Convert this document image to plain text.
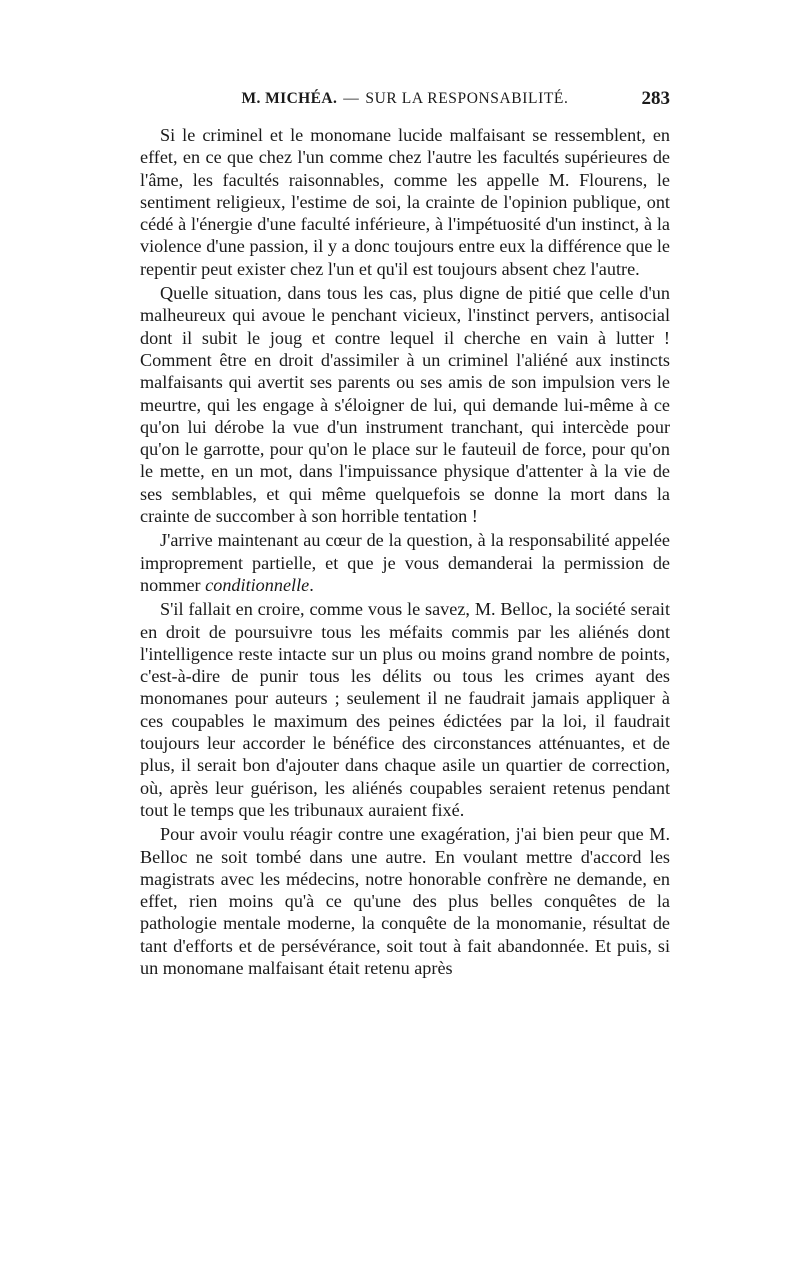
M. MICHÉA. — SUR LA RESPONSABILITÉ.	283

Si le criminel et le monomane lucide malfaisant se ressemblent, en effet, en ce que chez l'un comme chez l'autre les facultés supérieures de l'âme, les facultés raisonnables, comme les appelle M. Flourens, le sentiment religieux, l'estime de soi, la crainte de l'opinion publique, ont cédé à l'énergie d'une faculté inférieure, à l'impétuosité d'un instinct, à la violence d'une passion, il y a donc toujours entre eux la différence que le repentir peut exister chez l'un et qu'il est toujours absent chez l'autre.

Quelle situation, dans tous les cas, plus digne de pitié que celle d'un malheureux qui avoue le penchant vicieux, l'instinct pervers, antisocial dont il subit le joug et contre lequel il cherche en vain à lutter ! Comment être en droit d'assimiler à un criminel l'aliéné aux instincts malfaisants qui avertit ses parents ou ses amis de son impulsion vers le meurtre, qui les engage à s'éloigner de lui, qui demande lui-même à ce qu'on lui dérobe la vue d'un instrument tranchant, qui intercède pour qu'on le garrotte, pour qu'on le place sur le fauteuil de force, pour qu'on le mette, en un mot, dans l'impuissance physique d'attenter à la vie de ses semblables, et qui même quelquefois se donne la mort dans la crainte de succomber à son horrible tentation !

J'arrive maintenant au cœur de la question, à la responsabilité appelée improprement partielle, et que je vous demanderai la permission de nommer conditionnelle.

S'il fallait en croire, comme vous le savez, M. Belloc, la société serait en droit de poursuivre tous les méfaits commis par les aliénés dont l'intelligence reste intacte sur un plus ou moins grand nombre de points, c'est-à-dire de punir tous les délits ou tous les crimes ayant des monomanes pour auteurs ; seulement il ne faudrait jamais appliquer à ces coupables le maximum des peines édictées par la loi, il faudrait toujours leur accorder le bénéfice des circonstances atténuantes, et de plus, il serait bon d'ajouter dans chaque asile un quartier de correction, où, après leur guérison, les aliénés coupables seraient retenus pendant tout le temps que les tribunaux auraient fixé.

Pour avoir voulu réagir contre une exagération, j'ai bien peur que M. Belloc ne soit tombé dans une autre. En voulant mettre d'accord les magistrats avec les médecins, notre honorable confrère ne demande, en effet, rien moins qu'à ce qu'une des plus belles conquêtes de la pathologie mentale moderne, la conquête de la monomanie, résultat de tant d'efforts et de persévérance, soit tout à fait abandonnée. Et puis, si un monomane malfaisant était retenu après
